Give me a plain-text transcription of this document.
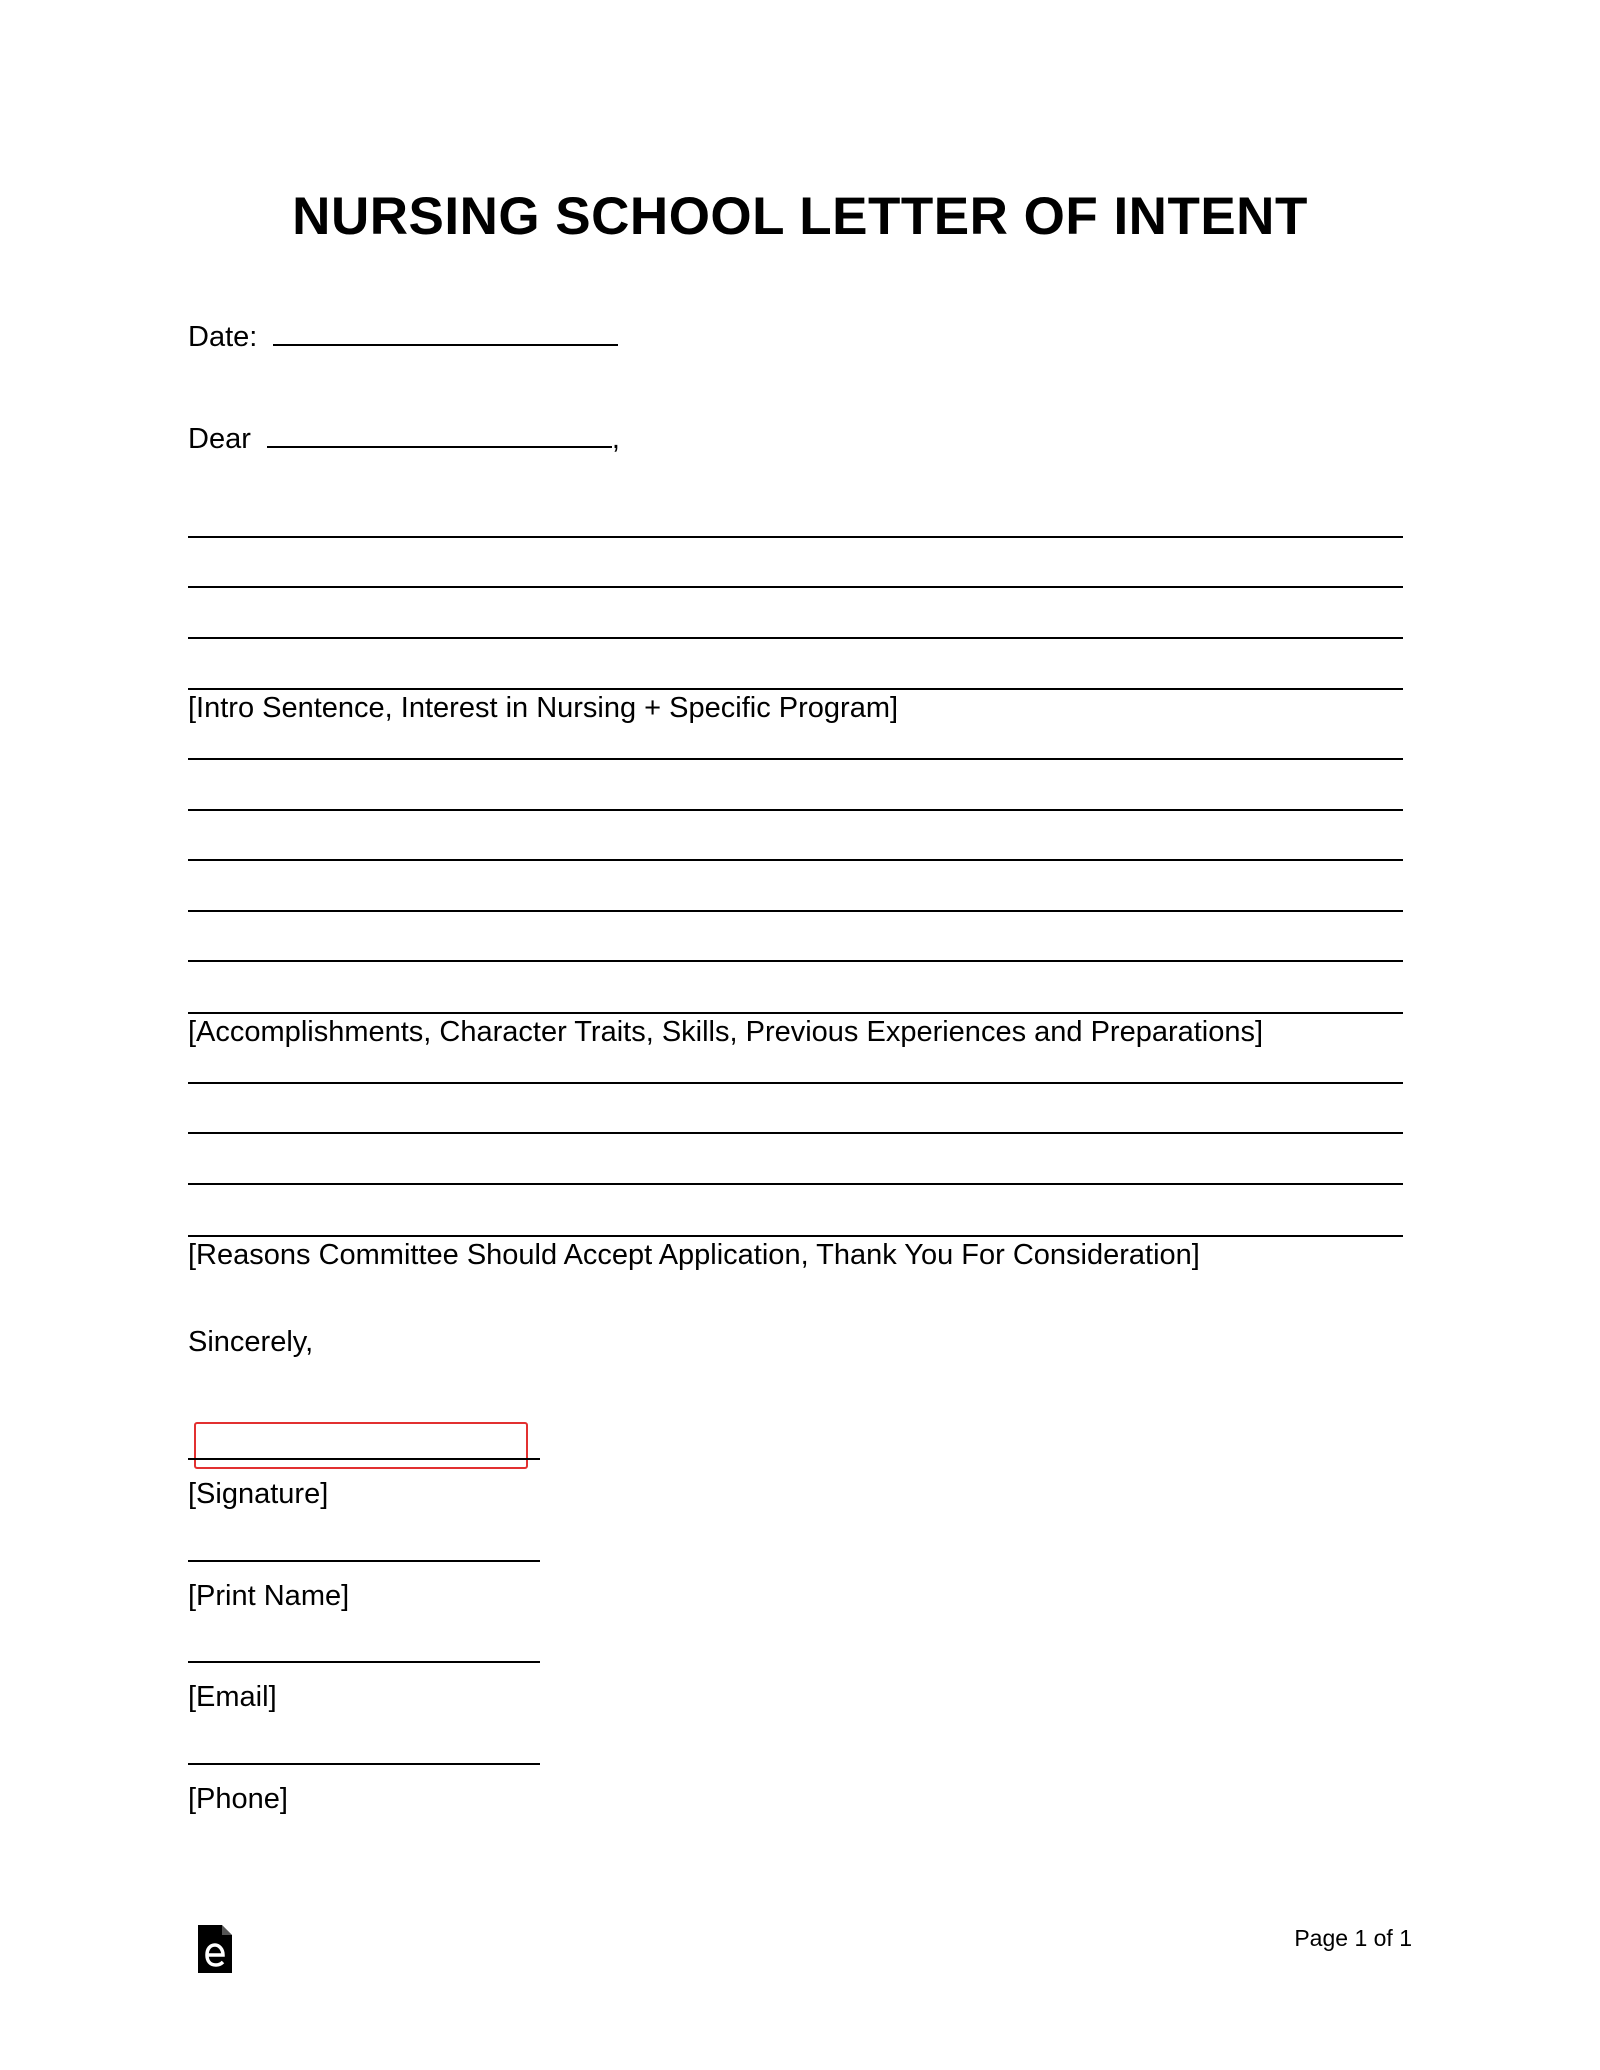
NURSING SCHOOL LETTER OF INTENT
Date:
Dear	,
[Intro Sentence, Interest in Nursing + Specific Program]
[Accomplishments, Character Traits, Skills, Previous Experiences and Preparations]
[Reasons Committee Should Accept Application, Thank You For Consideration]
Sincerely,
[Signature]
[Print Name]
[Email]
[Phone]
Page 1 of 1
